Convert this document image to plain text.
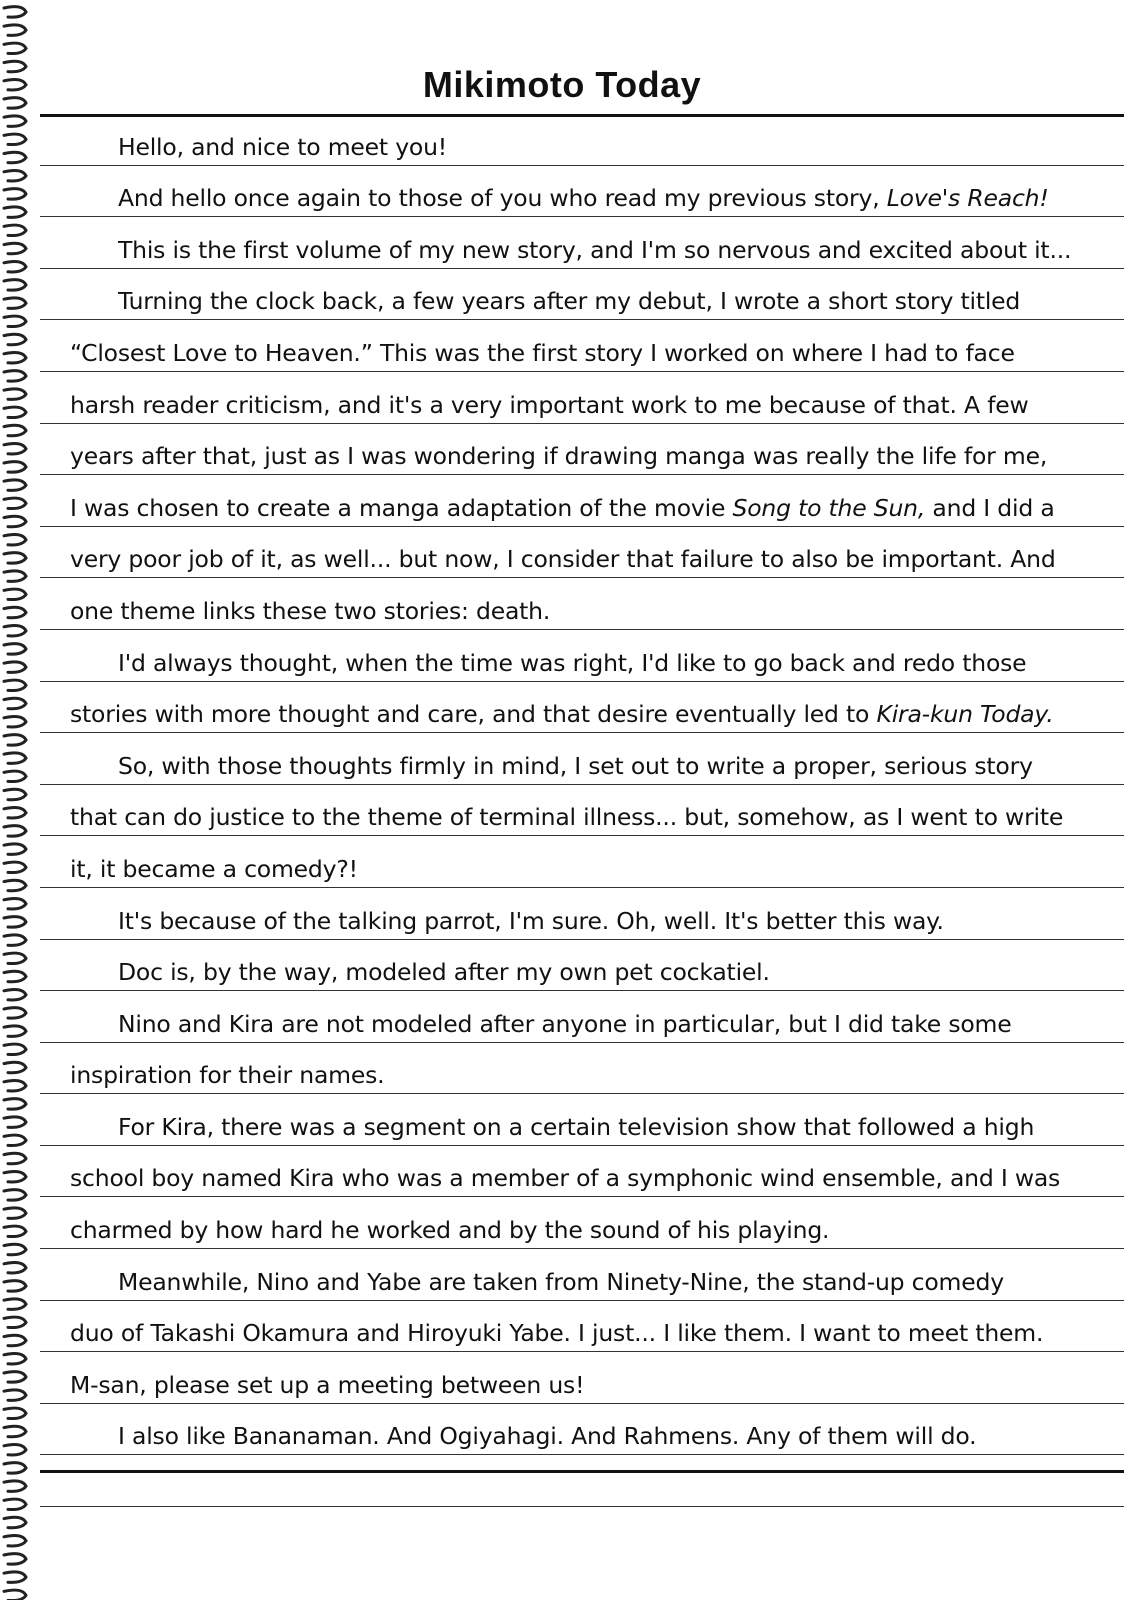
Mikimoto Today
Hello, and nice to meet you!
And hello once again to those of you who read my previous story, Love's Reach!
This is the first volume of my new story, and I'm so nervous and excited about it...
Turning the clock back, a few years after my debut, I wrote a short story titled
“Closest Love to Heaven.” This was the first story I worked on where I had to face
harsh reader criticism, and it's a very important work to me because of that. A few
years after that, just as I was wondering if drawing manga was really the life for me,
I was chosen to create a manga adaptation of the movie Song to the Sun, and I did a
very poor job of it, as well... but now, I consider that failure to also be important. And
one theme links these two stories: death.
I'd always thought, when the time was right, I'd like to go back and redo those
stories with more thought and care, and that desire eventually led to Kira-kun Today.
So, with those thoughts firmly in mind, I set out to write a proper, serious story
that can do justice to the theme of terminal illness... but, somehow, as I went to write
it, it became a comedy?!
It's because of the talking parrot, I'm sure. Oh, well. It's better this way.
Doc is, by the way, modeled after my own pet cockatiel.
Nino and Kira are not modeled after anyone in particular, but I did take some
inspiration for their names.
For Kira, there was a segment on a certain television show that followed a high
school boy named Kira who was a member of a symphonic wind ensemble, and I was
charmed by how hard he worked and by the sound of his playing.
Meanwhile, Nino and Yabe are taken from Ninety-Nine, the stand-up comedy
duo of Takashi Okamura and Hiroyuki Yabe. I just... I like them. I want to meet them.
M-san, please set up a meeting between us!
I also like Bananaman. And Ogiyahagi. And Rahmens. Any of them will do.
